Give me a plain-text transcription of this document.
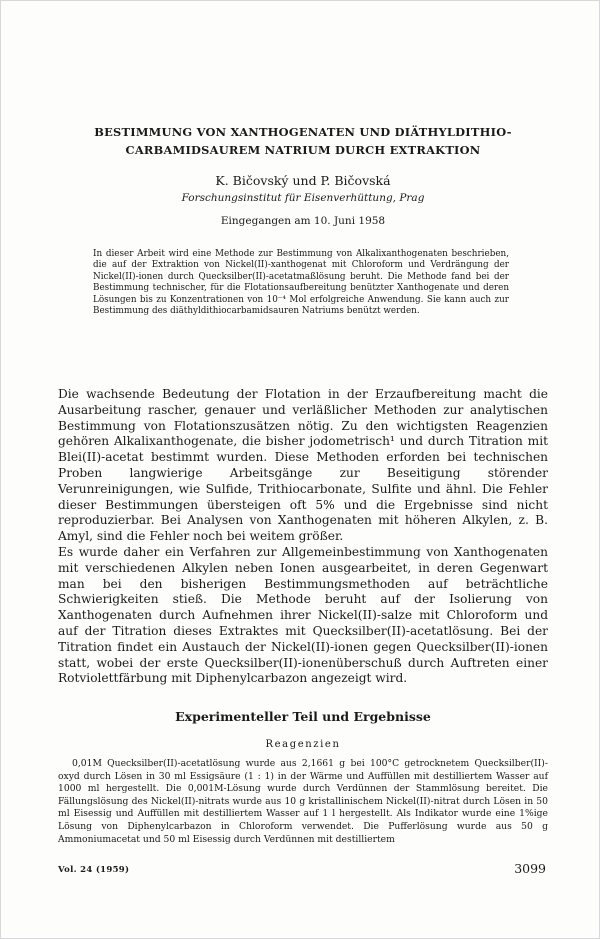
BESTIMMUNG VON XANTHOGENATEN UND DIÄTHYLDITHIO-
CARBAMIDSAUREM NATRIUM DURCH EXTRAKTION
K. Bičovský und P. Bičovská
Forschungsinstitut für Eisenverhüttung, Prag
Eingegangen am 10. Juni 1958
In dieser Arbeit wird eine Methode zur Bestimmung von Alkalixanthogenaten beschrieben, die auf der Extraktion von Nickel(II)-xanthogenat mit Chloroform und Verdrängung der Nickel(II)-ionen durch Quecksilber(II)-acetatmaßlösung beruht. Die Methode fand bei der Bestimmung technischer, für die Flotationsaufbereitung benützter Xanthogenate und deren Lösungen bis zu Konzentrationen von 10⁻⁴ Mol erfolgreiche Anwendung. Sie kann auch zur Bestimmung des diäthyldithiocarbamidsauren Natriums benützt werden.

Die wachsende Bedeutung der Flotation in der Erzaufbereitung macht die Ausarbeitung rascher, genauer und verläßlicher Methoden zur analytischen Bestimmung von Flotationszusätzen nötig. Zu den wichtigsten Reagenzien gehören Alkalixanthogenate, die bisher jodometrisch¹ und durch Titration mit Blei(II)-acetat bestimmt wurden. Diese Methoden erforden bei technischen Proben langwierige Arbeitsgänge zur Beseitigung störender Verunreinigungen, wie Sulfide, Trithiocarbonate, Sulfite und ähnl. Die Fehler dieser Bestimmungen übersteigen oft 5% und die Ergebnisse sind nicht reproduzierbar. Bei Analysen von Xanthogenaten mit höheren Alkylen, z. B. Amyl, sind die Fehler noch bei weitem größer.

Es wurde daher ein Verfahren zur Allgemeinbestimmung von Xanthogenaten mit verschiedenen Alkylen neben Ionen ausgearbeitet, in deren Gegenwart man bei den bisherigen Bestimmungsmethoden auf beträchtliche Schwierigkeiten stieß. Die Methode beruht auf der Isolierung von Xanthogenaten durch Aufnehmen ihrer Nickel(II)-salze mit Chloroform und auf der Titration dieses Extraktes mit Quecksilber(II)-acetatlösung. Bei der Titration findet ein Austauch der Nickel(II)-ionen gegen Quecksilber(II)-ionen statt, wobei der erste Quecksilber(II)-ionenüberschuß durch Auftreten einer Rotviolettfärbung mit Diphenylcarbazon angezeigt wird.

Experimenteller Teil und Ergebnisse
Reagenzien

0,01M Quecksilber(II)-acetatlösung wurde aus 2,1661 g bei 100°C getrocknetem Quecksilber(II)-oxyd durch Lösen in 30 ml Essigsäure (1 : 1) in der Wärme und Auffüllen mit destilliertem Wasser auf 1000 ml hergestellt. Die 0,001M-Lösung wurde durch Verdünnen der Stammlösung bereitet. Die Fällungslösung des Nickel(II)-nitrats wurde aus 10 g kristallinischem Nickel(II)-nitrat durch Lösen in 50 ml Eisessig und Auffüllen mit destilliertem Wasser auf 1 l hergestellt. Als Indikator wurde eine 1%ige Lösung von Diphenylcarbazon in Chloroform verwendet. Die Pufferlösung wurde aus 50 g Ammoniumacetat und 50 ml Eisessig durch Verdünnen mit destilliertem

Vol. 24 (1959)	3099
